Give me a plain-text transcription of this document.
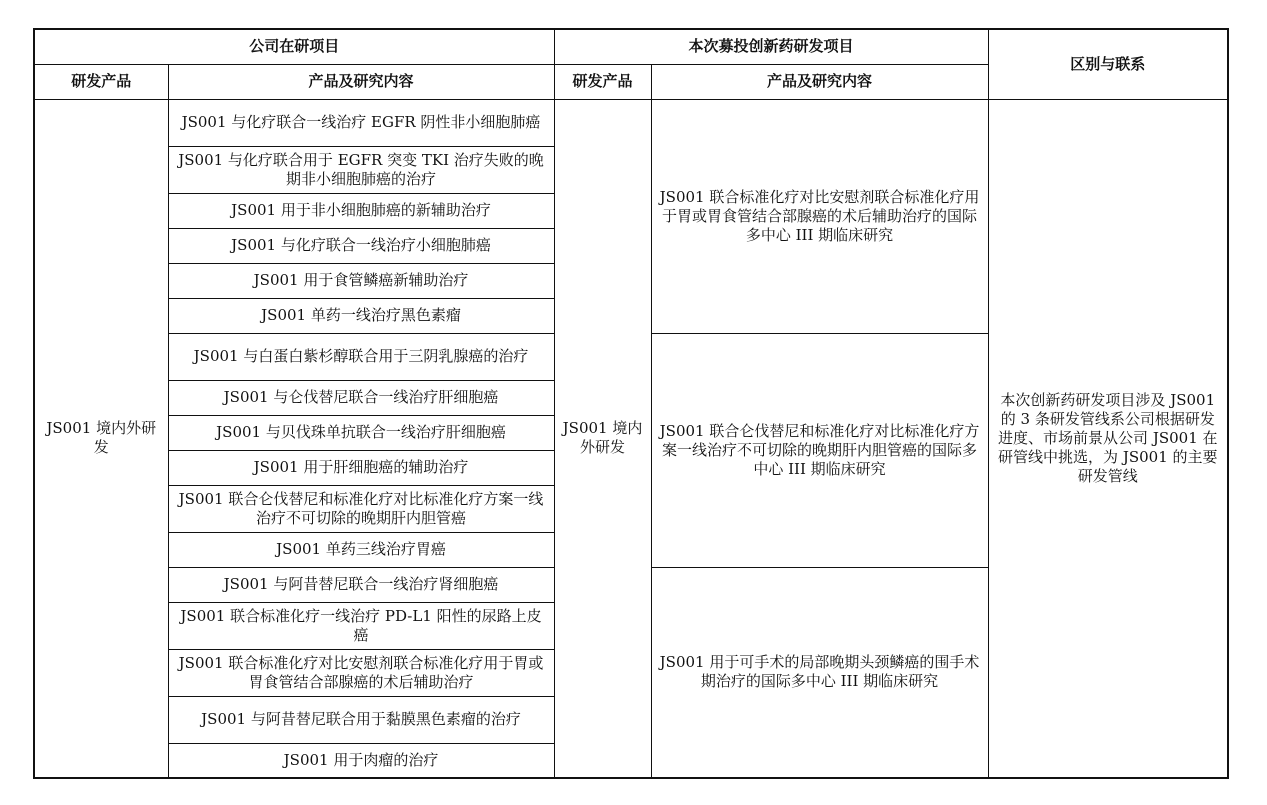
公司在研项目		本次募投创新药研发项目		区别与联系
研发产品	产品及研究内容	研发产品	产品及研究内容	
JS001 境内外研发	JS001 与化疗联合一线治疗 EGFR 阴性非小细胞肺癌	JS001 境内外研发	JS001 联合标准化疗对比安慰剂联合标准化疗用于胃或胃食管结合部腺癌的术后辅助治疗的国际多中心 III 期临床研究	本次创新药研发项目涉及 JS001 的 3 条研发管线系公司根据研发进度、市场前景从公司 JS001 在研管线中挑选，为 JS001 的主要研发管线
	JS001 与化疗联合用于 EGFR 突变 TKI 治疗失败的晚期非小细胞肺癌的治疗			
	JS001 用于非小细胞肺癌的新辅助治疗			
	JS001 与化疗联合一线治疗小细胞肺癌			
	JS001 用于食管鳞癌新辅助治疗			
	JS001 单药一线治疗黑色素瘤			
	JS001 与白蛋白紫杉醇联合用于三阴乳腺癌的治疗		JS001 联合仑伐替尼和标准化疗对比标准化疗方案一线治疗不可切除的晚期肝内胆管癌的国际多中心 III 期临床研究	
	JS001 与仑伐替尼联合一线治疗肝细胞癌			
	JS001 与贝伐珠单抗联合一线治疗肝细胞癌			
	JS001 用于肝细胞癌的辅助治疗			
	JS001 联合仑伐替尼和标准化疗对比标准化疗方案一线治疗不可切除的晚期肝内胆管癌			
	JS001 单药三线治疗胃癌			
	JS001 与阿昔替尼联合一线治疗肾细胞癌		JS001 用于可手术的局部晚期头颈鳞癌的围手术期治疗的国际多中心 III 期临床研究	
	JS001 联合标准化疗一线治疗 PD-L1 阳性的尿路上皮癌			
	JS001 联合标准化疗对比安慰剂联合标准化疗用于胃或胃食管结合部腺癌的术后辅助治疗			
	JS001 与阿昔替尼联合用于黏膜黑色素瘤的治疗			
	JS001 用于肉瘤的治疗			
